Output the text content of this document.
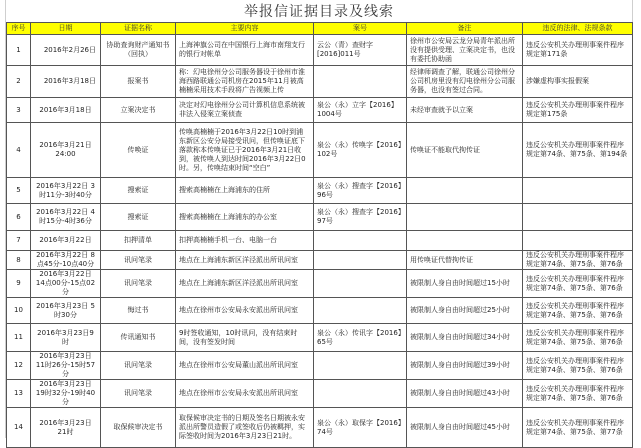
举报信证据目录及线索
序号	日期	证据名称	主要内容	案号	备注	违反的法律、法规条款
1	2016年2月26日	协助查询财产通知书（回执）	上海神旗公司在中国银行上海市南翔支行的银行对帐单	云公（青）查财字[2016]011号	徐州市公安局云龙分局青年派出所没有提供受理、立案决定书，也没有委托协助函	违反公安机关办理刑事案件程序规定第171条
2	2016年3月18日	报案书	称：幻电徐州分公司服务器设于徐州市淮海西路联通公司机房在2015年11月被高楠楠采用技术手段将广告视频上传		经律师调查了解，联通公司徐州分公司机房里没有幻电徐州分公司服务器，也没有签过合同。	涉嫌虚构事实报假案
3	2016年3月18日	立案决定书	决定对幻电徐州分公司计算机信息系统被非法入侵案立案侦查	泉公（永）立字【2016】1004号	未经审查就予以立案	违反公安机关办理刑事案件程序规定第175条
4	2016年3月21日 24:00	传唤证	传唤高楠楠于2016年3月22日10时到浦东新区公安分局接受讯问，但传唤证底下落款称本传唤证已于2016年3月21日收到，被传唤人到达时间2016年3月22日0时。另，传唤结束时间“空白”	泉公（永）传唤字【2016】102号	传唤证不能取代拘传证	违反公安机关办理刑事案件程序规定第74条、第75条、第194条
5	2016年3月22日 3时11分-3时40分	搜索证	搜索高楠楠在上海浦东的住所	泉公（永）搜查字【2016】96号		
6	2016年3月22日 4时15分-4时36分	搜索证	搜索高楠楠在上海浦东的办公室	泉公（永）搜查字【2016】97号		
7	2016年3月22日	扣押清单	扣押高楠楠手机一台、电脑一台			
8	2016年3月22日 8点45分-10点40分	讯问笔录	地点在上海浦东新区洋泾派出所讯问室		用传唤证代替拘传证	违反公安机关办理刑事案件程序规定第74条、第75条、第76条
9	2016年3月22日 14点00分-15点02分	讯问笔录	地点在上海浦东新区洋泾派出所讯问室		被限制人身自由时间超过15小时	违反公安机关办理刑事案件程序规定第74条、第75条、第76条
10	2016年3月23日 5时30分	悔过书	地点在徐州市公安局永安派出所讯问室		被限制人身自由时间超过25小时	违反公安机关办理刑事案件程序规定第74条、第75条、第76条
11	2016年3月23日9时	传讯通知书	9时签收通知，10时讯问，没有结束时间，没有签发时间	泉公（永）传讯字【2016】65号	被限制人身自由时间超过34小时	违反公安机关办理刑事案件程序规定第74条、第75条、第76条
12	2016年3月23日 11时26分-15时57分	讯问笔录	地点在徐州市公安局董山派出所讯问室		被限制人身自由时间超过39小时	违反公安机关办理刑事案件程序规定第74条、第75条、第76条
13	2016年3月23日 19时32分-19时40分	讯问笔录	地点在徐州市公安局永安派出所讯问室		被限制人身自由时间超过43小时	违反公安机关办理刑事案件程序规定第74条、第75条、第76条
14	2016年3月23日 21时	取保候审决定书	取保候审决定书的日期及签名日期被永安派出所警员造假了或签收后仍被羁押，实际签收时间为2016年3月23日21时。	泉公（永）取保字【2016】74号	被限制人身自由时间超过45小时	违反公安机关办理刑事案件程序规定第74条、第75条、第77条
